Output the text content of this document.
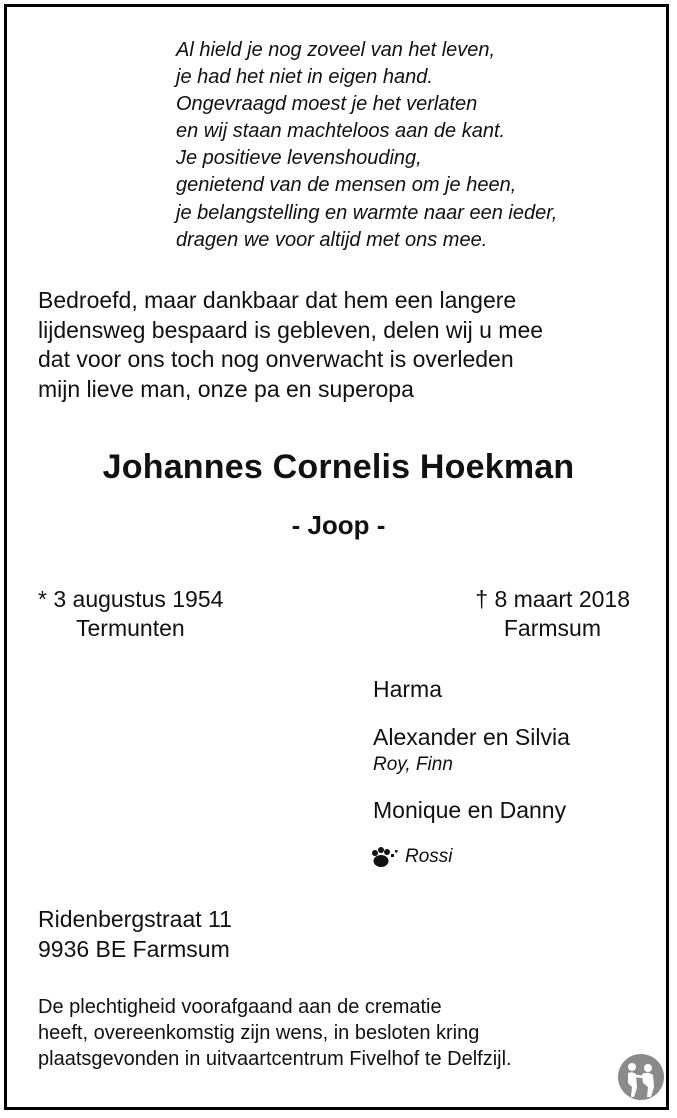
Al hield je nog zoveel van het leven,
je had het niet in eigen hand.
Ongevraagd moest je het verlaten
en wij staan machteloos aan de kant.
Je positieve levenshouding,
genietend van de mensen om je heen,
je belangstelling en warmte naar een ieder,
dragen we voor altijd met ons mee.
Bedroefd, maar dankbaar dat hem een langere
lijdensweg bespaard is gebleven, delen wij u mee
dat voor ons toch nog onverwacht is overleden
mijn lieve man, onze pa en superopa
Johannes Cornelis Hoekman
- Joop -
* 3 augustus 1954
Termunten
† 8 maart 2018
Farmsum
Harma
Alexander en Silvia
Roy, Finn
Monique en Danny
Rossi
Ridenbergstraat 11
9936 BE Farmsum
De plechtigheid voorafgaand aan de crematie
heeft, overeenkomstig zijn wens, in besloten kring
plaatsgevonden in uitvaartcentrum Fivelhof te Delfzijl.
